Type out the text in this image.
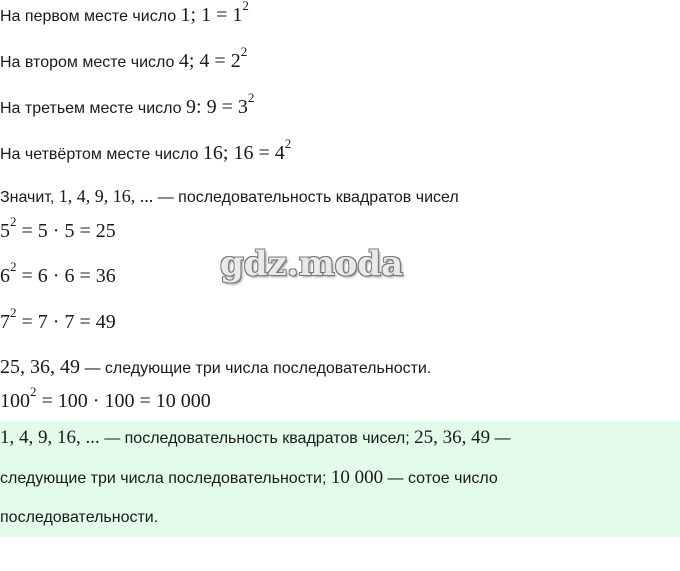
На первом месте число 1; $1 = 1^2$
На втором месте число 4; $4 = 2^2$
На третьем месте число 9: $9 = 3^2$
На четвёртом месте число 16; $16 = 4^2$
Значит, 1, 4, 9, 16, ... — последовательность квадратов чисел
$5^2 = 5 \cdot 5 = 25$
$6^2 = 6 \cdot 6 = 36$
$7^2 = 7 \cdot 7 = 49$
25, 36, 49 — следующие три числа последовательности.
$100^2 = 100 \cdot 100 = 10$ 000
1, 4, 9, 16, ... — последовательность квадратов чисел; 25, 36, 49 —
следующие три числа последовательности; 10 000 — сотое число
последовательности.
gdz.moda
